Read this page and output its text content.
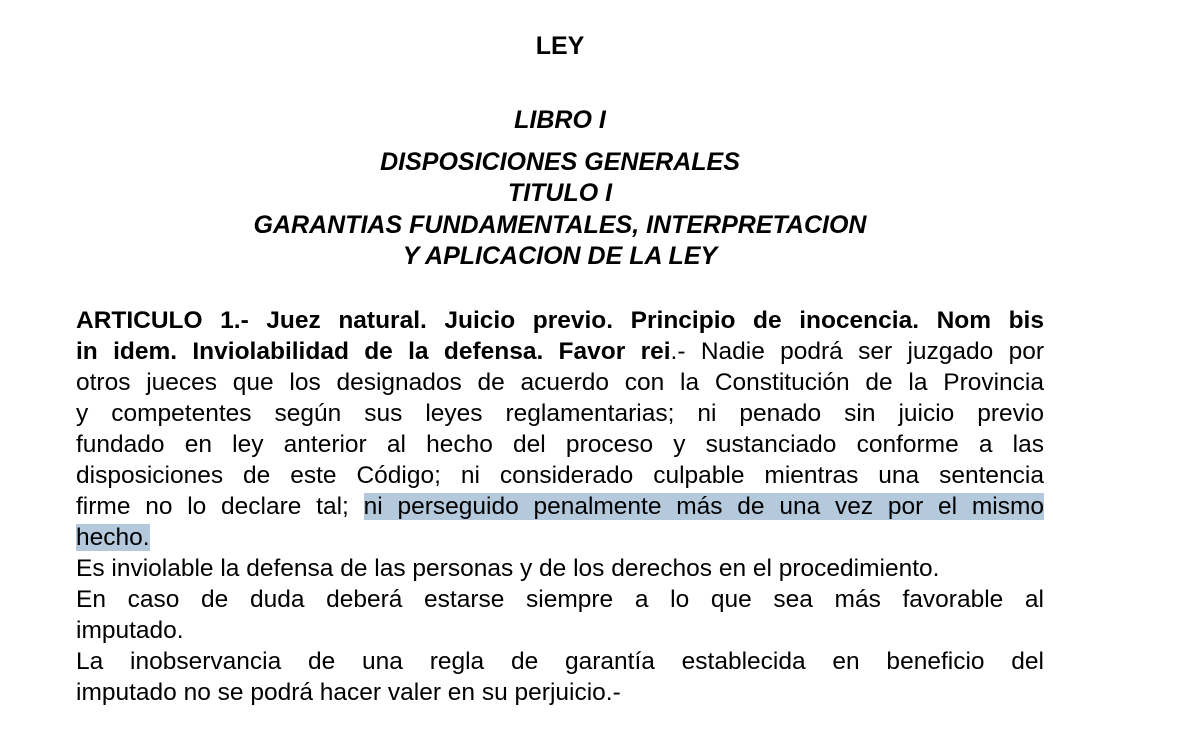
LEY
LIBRO I
DISPOSICIONES GENERALES
TITULO I
GARANTIAS FUNDAMENTALES, INTERPRETACION
Y APLICACION DE LA LEY
ARTICULO 1.- Juez natural. Juicio previo. Principio de inocencia. Nom bis
in idem. Inviolabilidad de la defensa. Favor rei.- Nadie podrá ser juzgado por
otros jueces que los designados de acuerdo con la Constitución de la Provincia
y competentes según sus leyes reglamentarias; ni penado sin juicio previo
fundado en ley anterior al hecho del proceso y sustanciado conforme a las
disposiciones de este Código; ni considerado culpable mientras una sentencia
firme no lo declare tal; ni perseguido penalmente más de una vez por el mismo
hecho.
Es inviolable la defensa de las personas y de los derechos en el procedimiento.
En caso de duda deberá estarse siempre a lo que sea más favorable al
imputado.
La inobservancia de una regla de garantía establecida en beneficio del
imputado no se podrá hacer valer en su perjuicio.-
